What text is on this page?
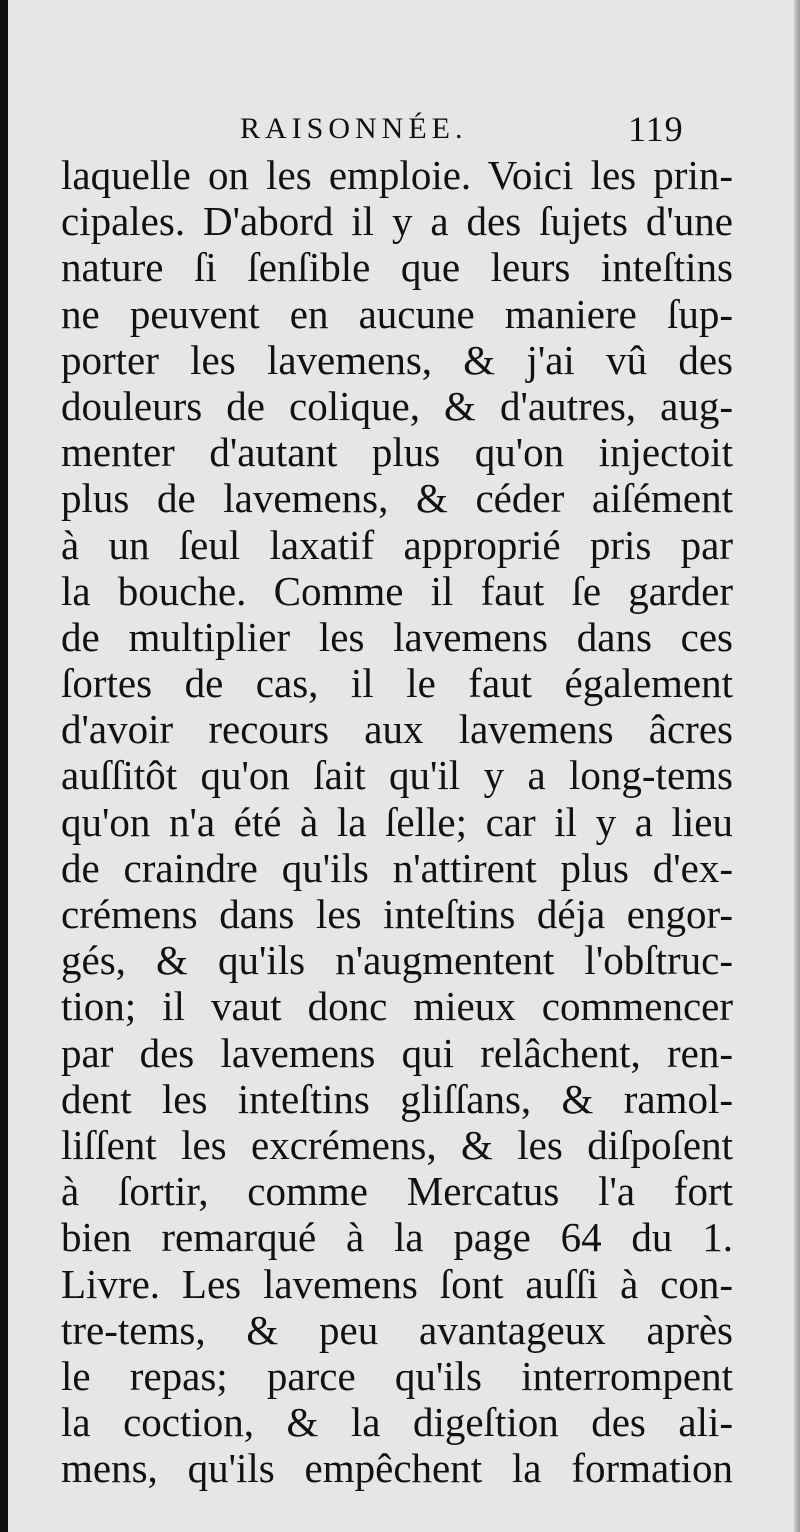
RAISONNÉE.	119
laquelle on les emploie. Voici les prin-
cipales. D'abord il y a des ſujets d'une
nature ſi ſenſible que leurs inteſtins
ne peuvent en aucune maniere ſup-
porter les lavemens, & j'ai vû des
douleurs de colique, & d'autres, aug-
menter d'autant plus qu'on injectoit
plus de lavemens, & céder aiſément
à un ſeul laxatif approprié pris par
la bouche. Comme il faut ſe garder
de multiplier les lavemens dans ces
ſortes de cas, il le faut également
d'avoir recours aux lavemens âcres
auſſitôt qu'on ſait qu'il y a long-tems
qu'on n'a été à la ſelle; car il y a lieu
de craindre qu'ils n'attirent plus d'ex-
crémens dans les inteſtins déja engor-
gés, & qu'ils n'augmentent l'obſtruc-
tion; il vaut donc mieux commencer
par des lavemens qui relâchent, ren-
dent les inteſtins gliſſans, & ramol-
liſſent les excrémens, & les diſpoſent
à ſortir, comme Mercatus l'a fort
bien remarqué à la page 64 du 1.
Livre. Les lavemens ſont auſſi à con-
tre-tems, & peu avantageux après
le repas; parce qu'ils interrompent
la coction, & la digeſtion des ali-
mens, qu'ils empêchent la formation
